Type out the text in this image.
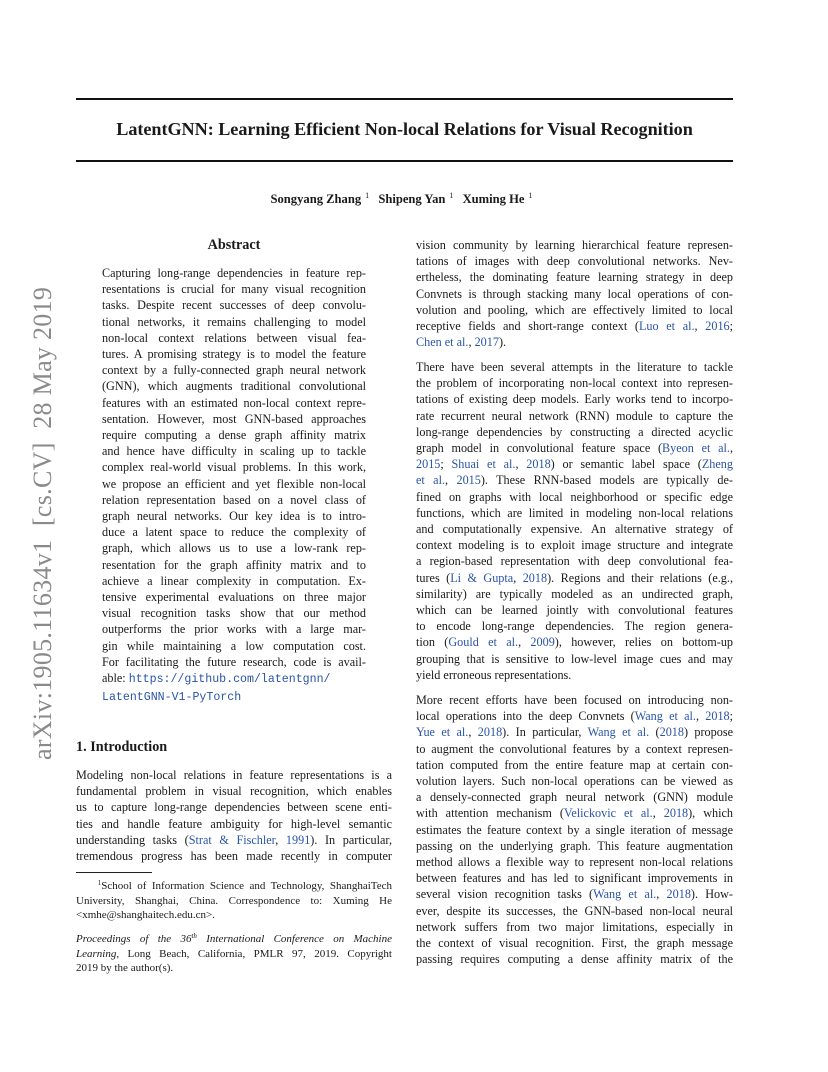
LatentGNN: Learning Efficient Non-local Relations for Visual Recognition
Songyang Zhang $^1$ Shipeng Yan $^1$ Xuming He $^1$
arXiv:1905.11634v1  [cs.CV]  28 May 2019
Abstract
Capturing long-range dependencies in feature rep-
resentations is crucial for many visual recognition
tasks. Despite recent successes of deep convolu-
tional networks, it remains challenging to model
non-local context relations between visual fea-
tures. A promising strategy is to model the feature
context by a fully-connected graph neural network
(GNN), which augments traditional convolutional
features with an estimated non-local context repre-
sentation. However, most GNN-based approaches
require computing a dense graph affinity matrix
and hence have difficulty in scaling up to tackle
complex real-world visual problems. In this work,
we propose an efficient and yet flexible non-local
relation representation based on a novel class of
graph neural networks. Our key idea is to intro-
duce a latent space to reduce the complexity of
graph, which allows us to use a low-rank rep-
resentation for the graph affinity matrix and to
achieve a linear complexity in computation. Ex-
tensive experimental evaluations on three major
visual recognition tasks show that our method
outperforms the prior works with a large mar-
gin while maintaining a low computation cost.
For facilitating the future research, code is avail-
able: https://github.com/latentgnn/
LatentGNN-V1-PyTorch
1. Introduction
Modeling non-local relations in feature representations is a
fundamental problem in visual recognition, which enables
us to capture long-range dependencies between scene enti-
ties and handle feature ambiguity for high-level semantic
understanding tasks (Strat & Fischler, 1991). In particular,
tremendous progress has been made recently in computer
$^1$School of Information Science and Technology, ShanghaiTech
University, Shanghai, China. Correspondence to: Xuming He
<xmhe@shanghaitech.edu.cn>.
Proceedings of the 36th International Conference on Machine
Learning, Long Beach, California, PMLR 97, 2019. Copyright
2019 by the author(s).
vision community by learning hierarchical feature represen-
tations of images with deep convolutional networks. Nev-
ertheless, the dominating feature learning strategy in deep
Convnets is through stacking many local operations of con-
volution and pooling, which are effectively limited to local
receptive fields and short-range context (Luo et al., 2016;
Chen et al., 2017).
There have been several attempts in the literature to tackle
the problem of incorporating non-local context into represen-
tations of existing deep models. Early works tend to incorpo-
rate recurrent neural network (RNN) module to capture the
long-range dependencies by constructing a directed acyclic
graph model in convolutional feature space (Byeon et al.,
2015; Shuai et al., 2018) or semantic label space (Zheng
et al., 2015). These RNN-based models are typically de-
fined on graphs with local neighborhood or specific edge
functions, which are limited in modeling non-local relations
and computationally expensive. An alternative strategy of
context modeling is to exploit image structure and integrate
a region-based representation with deep convolutional fea-
tures (Li & Gupta, 2018). Regions and their relations (e.g.,
similarity) are typically modeled as an undirected graph,
which can be learned jointly with convolutional features
to encode long-range dependencies. The region genera-
tion (Gould et al., 2009), however, relies on bottom-up
grouping that is sensitive to low-level image cues and may
yield erroneous representations.
More recent efforts have been focused on introducing non-
local operations into the deep Convnets (Wang et al., 2018;
Yue et al., 2018). In particular, Wang et al. (2018) propose
to augment the convolutional features by a context represen-
tation computed from the entire feature map at certain con-
volution layers. Such non-local operations can be viewed as
a densely-connected graph neural network (GNN) module
with attention mechanism (Velickovic et al., 2018), which
estimates the feature context by a single iteration of message
passing on the underlying graph. This feature augmentation
method allows a flexible way to represent non-local relations
between features and has led to significant improvements in
several vision recognition tasks (Wang et al., 2018). How-
ever, despite its successes, the GNN-based non-local neural
network suffers from two major limitations, especially in
the context of visual recognition. First, the graph message
passing requires computing a dense affinity matrix of the
